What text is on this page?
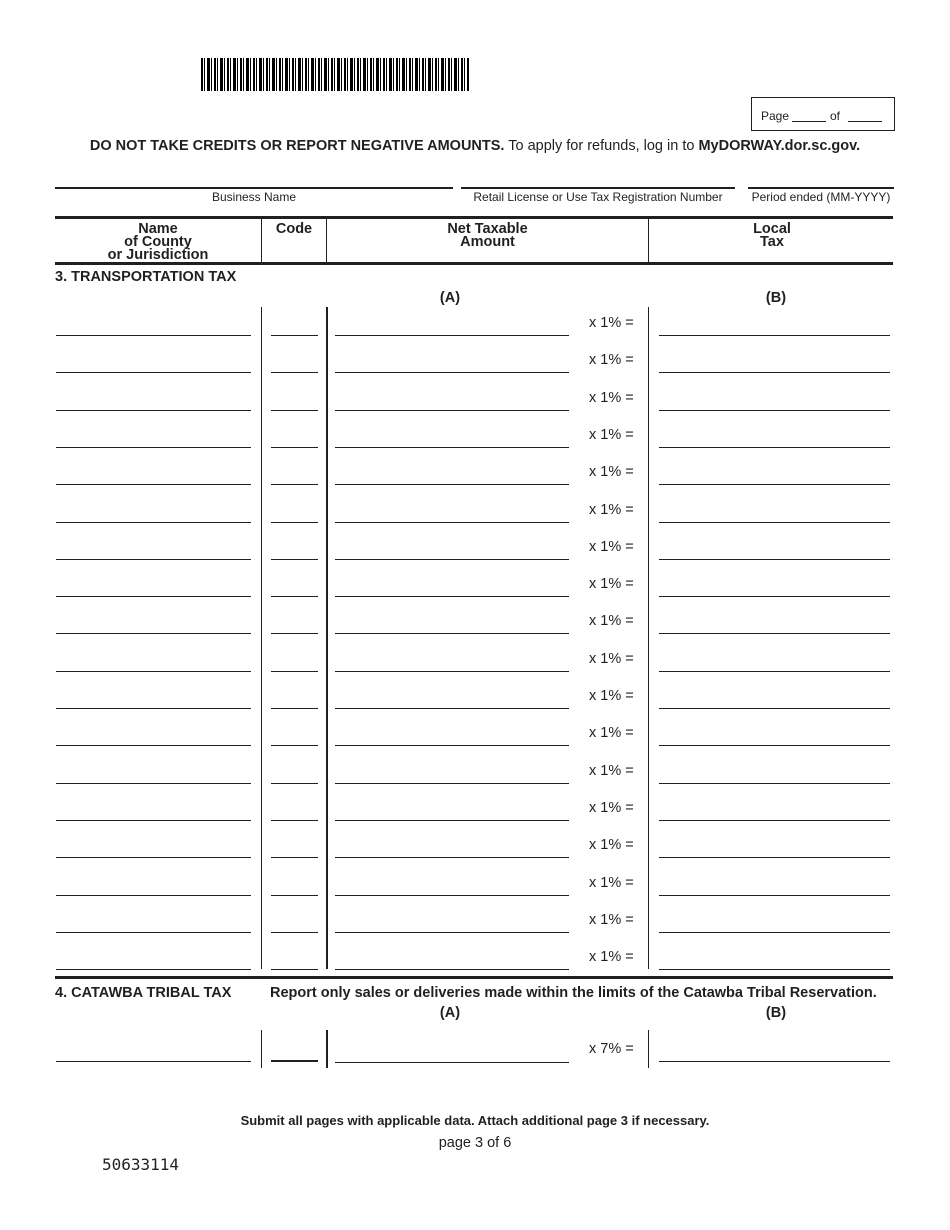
Page	of
DO NOT TAKE CREDITS OR REPORT NEGATIVE AMOUNTS. To apply for refunds, log in to MyDORWAY.dor.sc.gov.
Business Name	Retail License or Use Tax Registration Number	Period ended (MM-YYYY)
Name
of County
or Jurisdiction
Code	Net Taxable
Amount
Local
Tax
3. TRANSPORTATION TAX
(A)	(B)
x 1% =
x 1% =
x 1% =
x 1% =
x 1% =
x 1% =
x 1% =
x 1% =
x 1% =
x 1% =
x 1% =
x 1% =
x 1% =
x 1% =
x 1% =
x 1% =
x 1% =
x 1% =
4. CATAWBA TRIBAL TAX	Report only sales or deliveries made within the limits of the Catawba Tribal Reservation.
(A)	(B)
x 7% =
Submit all pages with applicable data. Attach additional page 3 if necessary.
page 3 of 6
50633114
